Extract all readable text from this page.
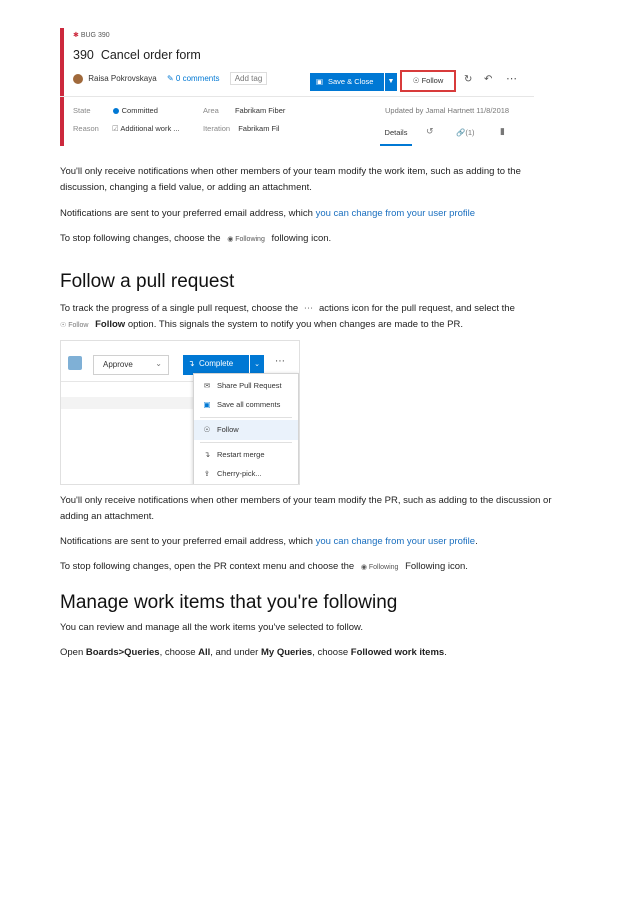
✱ BUG 390
390 Cancel order form
Raisa Pokrovskaya ✎ 0 comments Add tag	▣ Save & Close	▼	☉ Follow	↻ ↶ ⋯
State	Committed	Area Fabrikam Fiber	Updated by Jamal Hartnett 11/8/2018
Reason ☑ Additional work ...	Iteration Fabrikam Fil	Details	↺	🔗(1)	▮

You'll only receive notifications when other members of your team modify the work item, such as adding to the discussion, changing a field value, or adding an attachment.

Notifications are sent to your preferred email address, which you can change from your user profile

To stop following changes, choose the ◉ Following following icon.

Follow a pull request

To track the progress of a single pull request, choose the ⋯ actions icon for the pull request, and select the

☉ Follow Follow option. This signals the system to notify you when changes are made to the PR.

Approve	⌄	↴ Complete	⌄	⋯
✉ Share Pull Request
▣ Save all comments
☉ Follow
↴ Restart merge
⇪ Cherry-pick...

You'll only receive notifications when other members of your team modify the PR, such as adding to the discussion or adding an attachment.

Notifications are sent to your preferred email address, which you can change from your user profile.

To stop following changes, open the PR context menu and choose the ◉ Following Following icon.

Manage work items that you're following

You can review and manage all the work items you've selected to follow.

Open Boards>Queries, choose All, and under My Queries, choose Followed work items.
